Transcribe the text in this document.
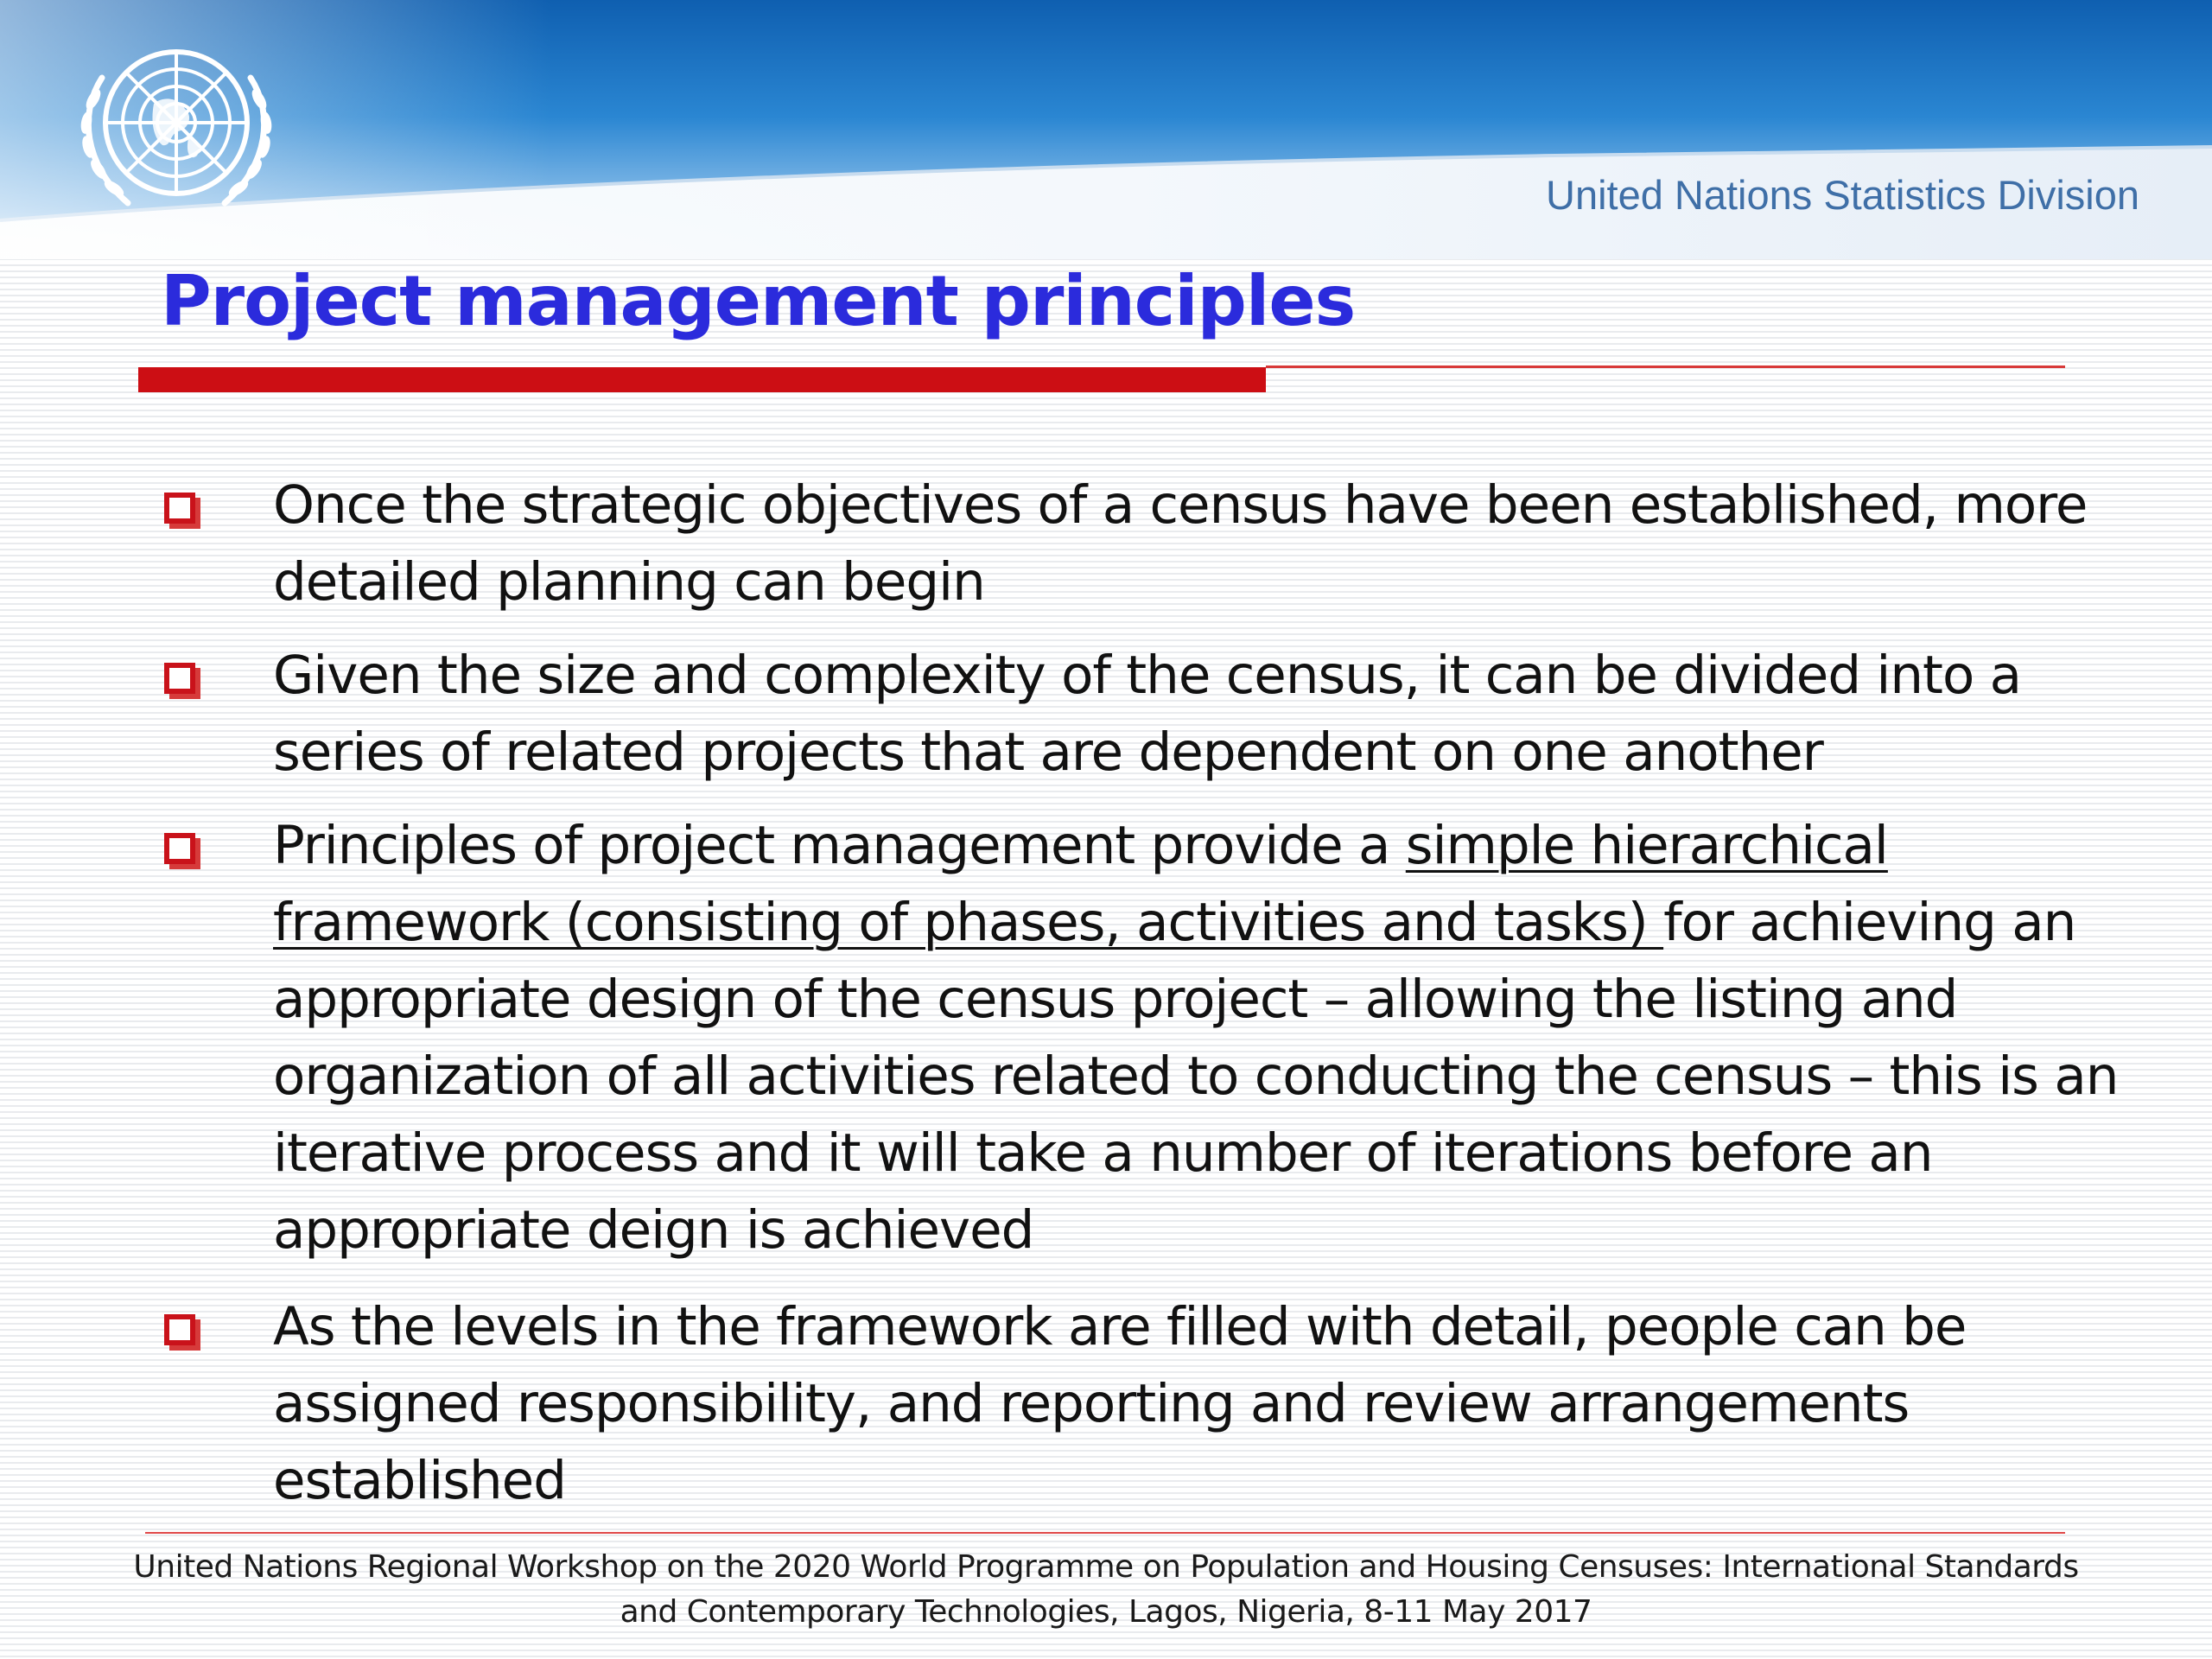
United Nations Statistics Division
Project management principles
Once the strategic objectives of a census have been established, more detailed planning can begin
Given the size and complexity of the census, it can be divided into a series of related projects that are dependent on one another
Principles of project management provide a simple hierarchical framework (consisting of phases, activities and tasks) for achieving an appropriate design of the census project – allowing the listing and organization of all activities related to conducting the census – this is an iterative process and it will take a number of iterations before an appropriate deign is achieved
As the levels in the framework are filled with detail, people can be assigned responsibility, and reporting and review arrangements established
United Nations Regional Workshop on the 2020 World Programme on Population and Housing Censuses: International Standards
and Contemporary Technologies, Lagos, Nigeria, 8-11 May 2017
